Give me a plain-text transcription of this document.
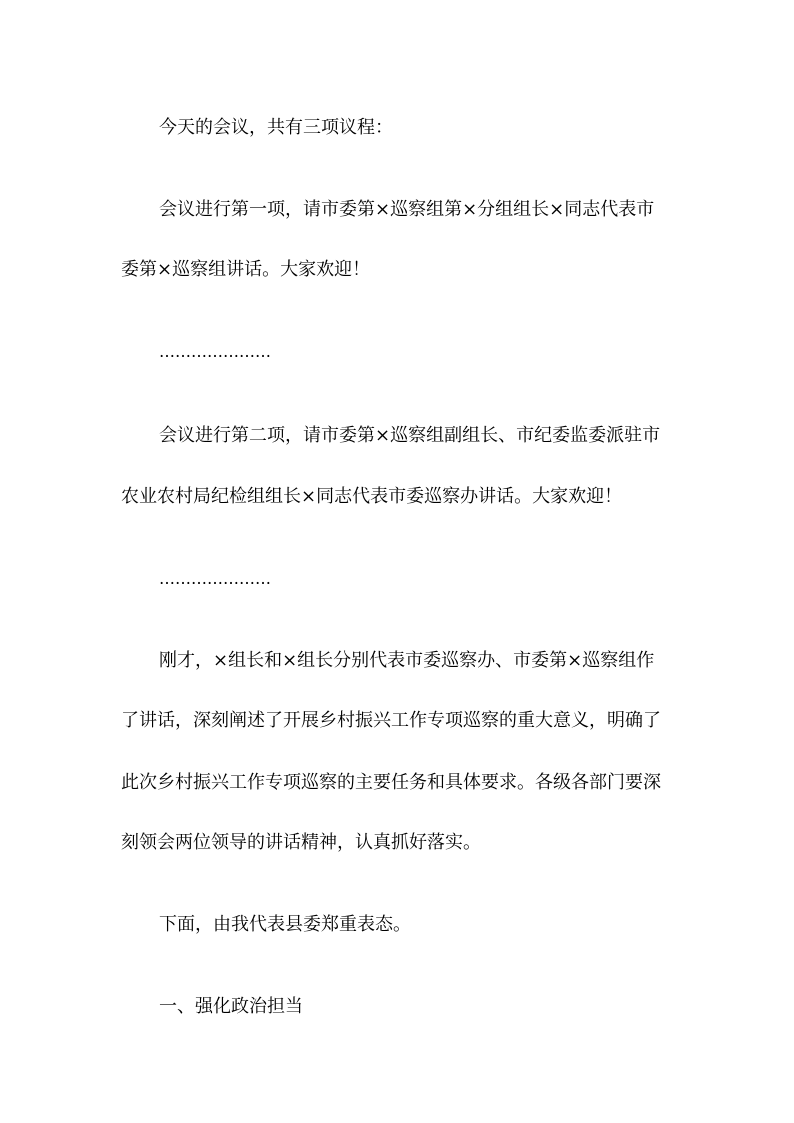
今天的会议，共有三项议程：
会议进行第一项，请市委第×巡察组第×分组组长×同志代表市
委第×巡察组讲话。大家欢迎！
…………………
会议进行第二项，请市委第×巡察组副组长、市纪委监委派驻市
农业农村局纪检组组长×同志代表市委巡察办讲话。大家欢迎！
…………………
刚才，×组长和×组长分别代表市委巡察办、市委第×巡察组作
了讲话，深刻阐述了开展乡村振兴工作专项巡察的重大意义，明确了
此次乡村振兴工作专项巡察的主要任务和具体要求。各级各部门要深
刻领会两位领导的讲话精神，认真抓好落实。
下面，由我代表县委郑重表态。
一、强化政治担当
